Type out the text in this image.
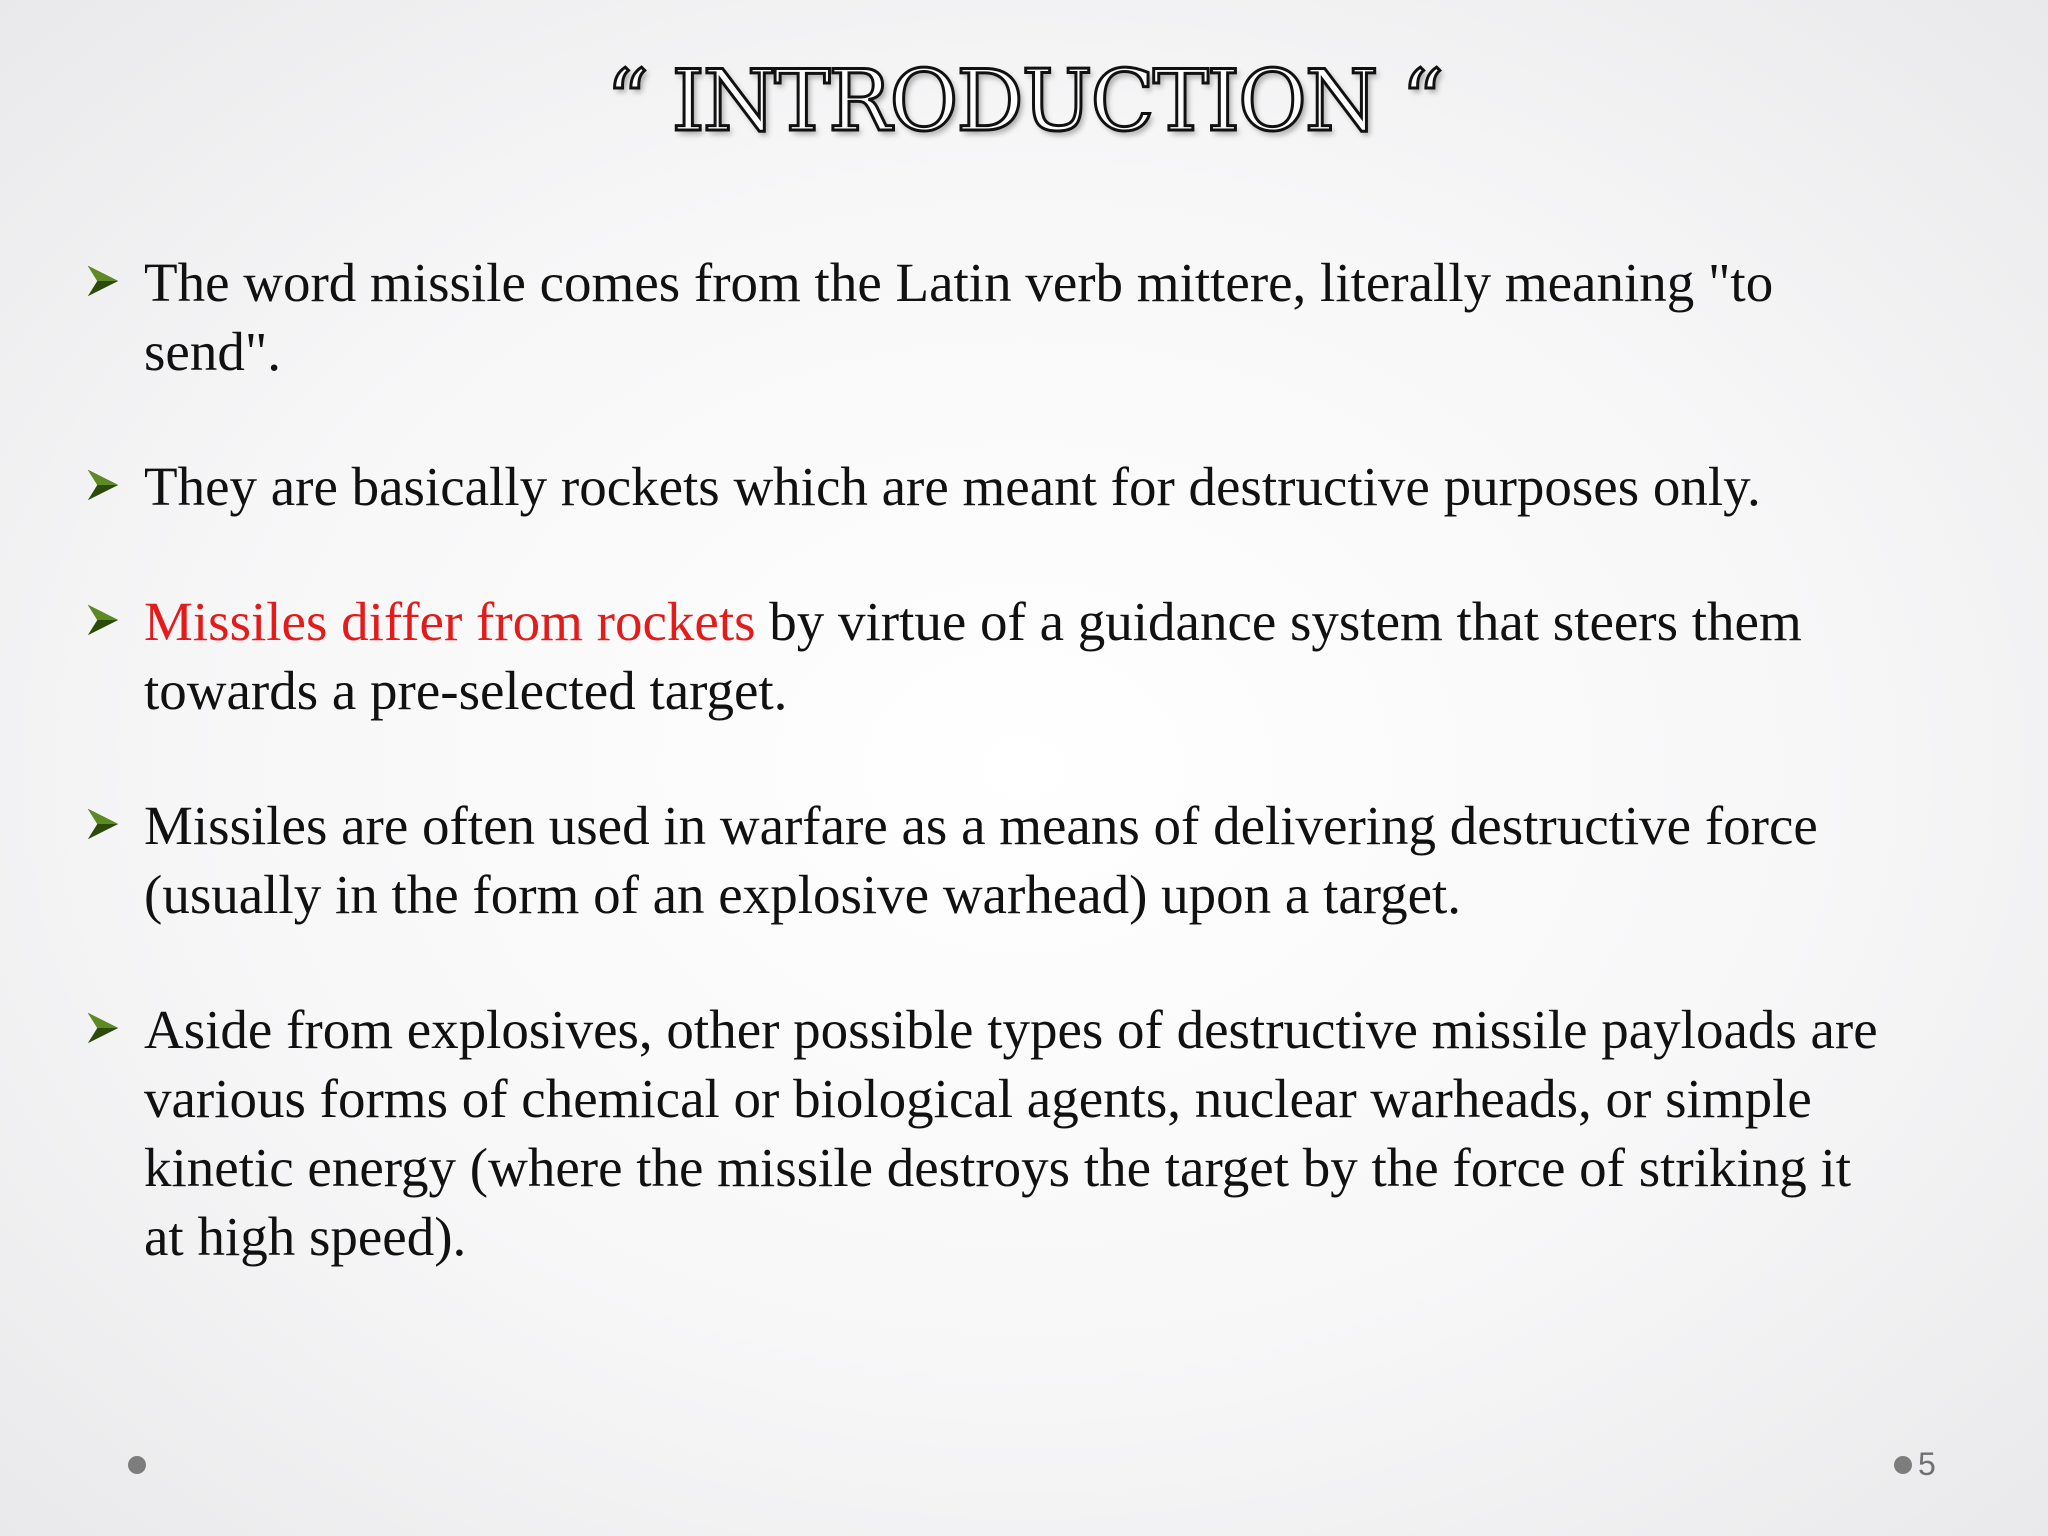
“ INTRODUCTION “
The word missile comes from the Latin verb mittere, literally meaning "to send".
They are basically rockets which are meant for destructive purposes only.
Missiles differ from rockets by virtue of a guidance system that steers them towards a pre-selected target.
Missiles are often used in warfare as a means of delivering destructive force (usually in the form of an explosive warhead) upon a target.
Aside from explosives, other possible types of destructive missile payloads are various forms of chemical or biological agents, nuclear warheads, or simple kinetic energy (where the missile destroys the target by the force of striking it at high speed).
5
